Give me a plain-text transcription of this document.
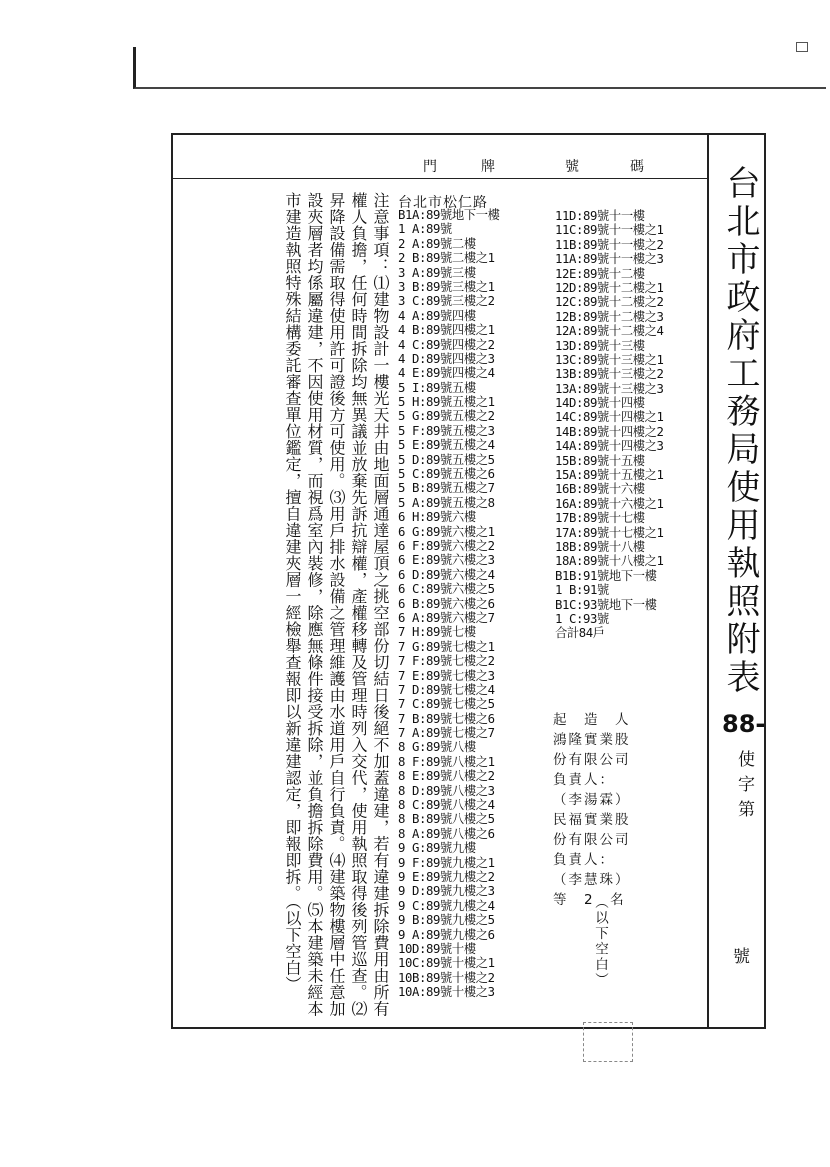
門	牌	號	碼 台北市政府工務局使用執照附表
88-
使字第
號
注意事項：⑴建物設計一樓光天井由地面層通達屋頂之挑空部份切結日後絕不加蓋違建，若有違建拆除費用由所有權人負擔，任何時間拆除均無異議並放棄先訴抗辯權，產權移轉及管理時列入交代，使用執照取得後列管巡查。⑵昇降設備需取得使用許可證後方可使用。⑶用戶排水設備之管理維護由水道用戶自行負責。⑷建築物樓層中任意加設夾層者均係屬違建，不因使用材質，而視爲室內裝修，除應無條件接受拆除，並負擔拆除費用。⑸本建築未經本市建造執照特殊結構委託審查單位鑑定，擅自違建夾層一經檢舉查報即以新違建認定，即報即拆。（以下空白）	台北市松仁路
B1A:89號地下一樓
1 A:89號
2 A:89號二樓
2 B:89號二樓之1
3 A:89號三樓
3 B:89號三樓之1
3 C:89號三樓之2
4 A:89號四樓
4 B:89號四樓之1
4 C:89號四樓之2
4 D:89號四樓之3
4 E:89號四樓之4
5 I:89號五樓
5 H:89號五樓之1
5 G:89號五樓之2
5 F:89號五樓之3
5 E:89號五樓之4
5 D:89號五樓之5
5 C:89號五樓之6
5 B:89號五樓之7
5 A:89號五樓之8
6 H:89號六樓
6 G:89號六樓之1
6 F:89號六樓之2
6 E:89號六樓之3
6 D:89號六樓之4
6 C:89號六樓之5
6 B:89號六樓之6
6 A:89號六樓之7
7 H:89號七樓
7 G:89號七樓之1
7 F:89號七樓之2
7 E:89號七樓之3
7 D:89號七樓之4
7 C:89號七樓之5
7 B:89號七樓之6
7 A:89號七樓之7
8 G:89號八樓
8 F:89號八樓之1
8 E:89號八樓之2
8 D:89號八樓之3
8 C:89號八樓之4
8 B:89號八樓之5
8 A:89號八樓之6
9 G:89號九樓
9 F:89號九樓之1
9 E:89號九樓之2
9 D:89號九樓之3
9 C:89號九樓之4
9 B:89號九樓之5
9 A:89號九樓之6
10D:89號十樓
10C:89號十樓之1
10B:89號十樓之2
10A:89號十樓之3
11D:89號十一樓
11C:89號十一樓之1
11B:89號十一樓之2
11A:89號十一樓之3
12E:89號十二樓
12D:89號十二樓之1
12C:89號十二樓之2
12B:89號十二樓之3
12A:89號十二樓之4
13D:89號十三樓
13C:89號十三樓之1
13B:89號十三樓之2
13A:89號十三樓之3
14D:89號十四樓
14C:89號十四樓之1
14B:89號十四樓之2
14A:89號十四樓之3
15B:89號十五樓
15A:89號十五樓之1
16B:89號十六樓
16A:89號十六樓之1
17B:89號十七樓
17A:89號十七樓之1
18B:89號十八樓
18A:89號十八樓之1
B1B:91號地下一樓
1 B:91號
B1C:93號地下一樓
1 C:93號
合計84戶
起　造　人
鴻隆實業股
份有限公司
負責人：
（李湯霖）
民福實業股
份有限公司
負責人：
（李慧珠）
等　2　名
（以下空白）
